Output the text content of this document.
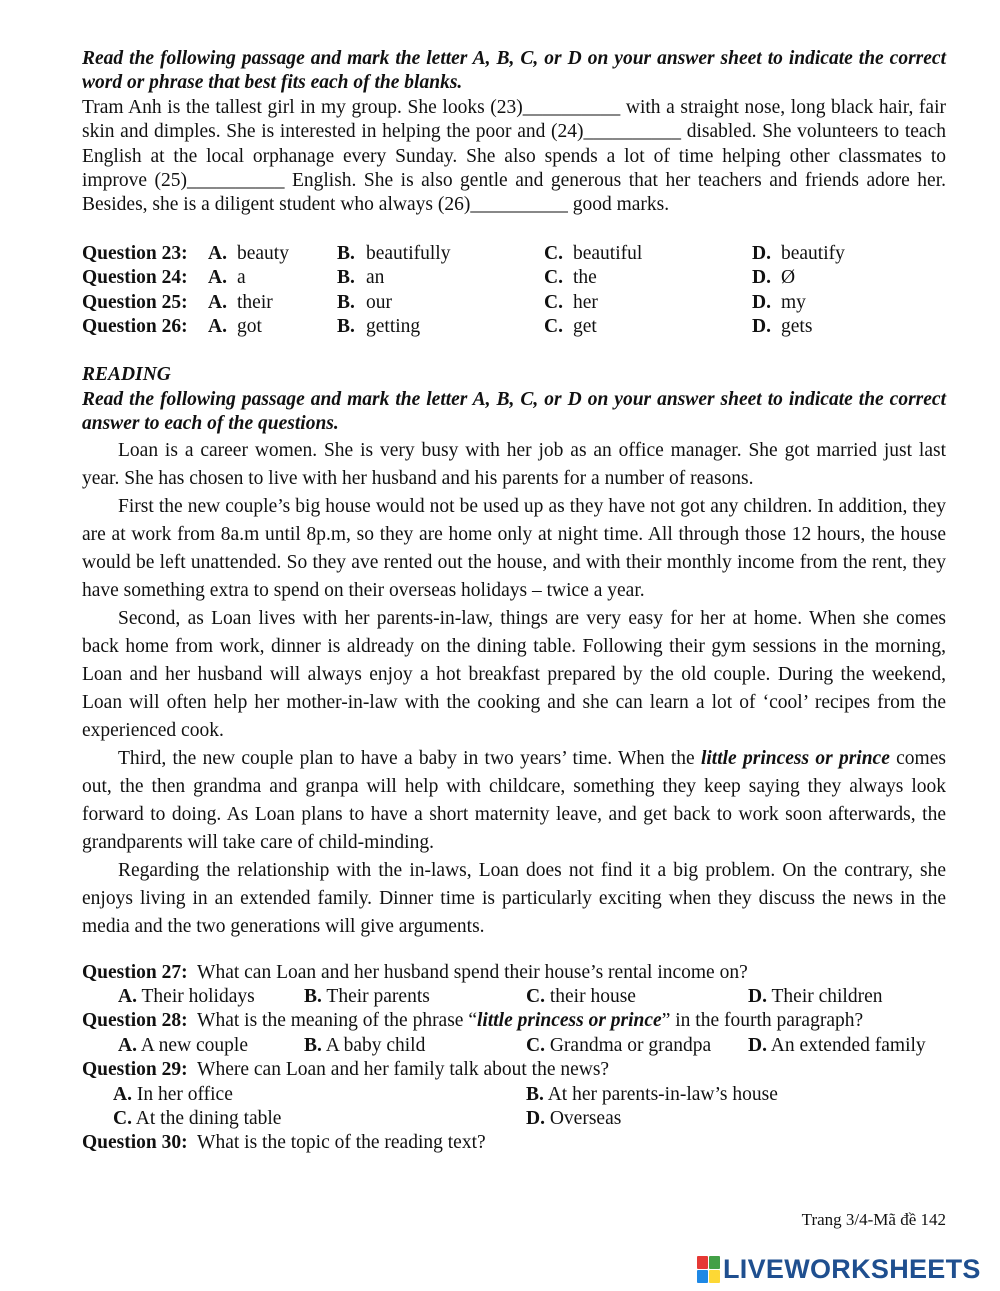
Read the following passage and mark the letter A, B, C, or D on your answer sheet to indicate the correct word or phrase that best fits each of the blanks.

Tram Anh is the tallest girl in my group. She looks (23)__________ with a straight nose, long black hair, fair skin and dimples. She is interested in helping the poor and (24)__________ disabled. She volunteers to teach English at the local orphanage every Sunday. She also spends a lot of time helping other classmates to improve (25)__________ English. She is also gentle and generous that her teachers and friends adore her. Besides, she is a diligent student who always (26)__________ good marks.

Question 23:	A. beauty	B. beautifully	C. beautiful	D. beautify
Question 24:	A. a	B. an	C. the	D. Ø
Question 25:	A. their	B. our	C. her	D. my
Question 26:	A. got	B. getting	C. get	D. gets

READING

Read the following passage and mark the letter A, B, C, or D on your answer sheet to indicate the correct answer to each of the questions.

Loan is a career women. She is very busy with her job as an office manager. She got married just last year. She has chosen to live with her husband and his parents for a number of reasons.

First the new couple’s big house would not be used up as they have not got any children. In addition, they are at work from 8a.m until 8p.m, so they are home only at night time. All through those 12 hours, the house would be left unattended. So they ave rented out the house, and with their monthly income from the rent, they have something extra to spend on their overseas holidays – twice a year.

Second, as Loan lives with her parents-in-law, things are very easy for her at home. When she comes back home from work, dinner is aldready on the dining table. Following their gym sessions in the morning, Loan and her husband will always enjoy a hot breakfast prepared by the old couple. During the weekend, Loan will often help her mother-in-law with the cooking and she can learn a lot of ‘cool’ recipes from the experienced cook.

Third, the new couple plan to have a baby in two years’ time. When the little princess or prince comes out, the then grandma and granpa will help with childcare, something they keep saying they always look forward to doing. As Loan plans to have a short maternity leave, and get back to work soon afterwards, the grandparents will take care of child-minding.

Regarding the relationship with the in-laws, Loan does not find it a big problem. On the contrary, she enjoys living in an extended family. Dinner time is particularly exciting when they discuss the news in the media and the two generations will give arguments.

Question 27: What can Loan and her husband spend their house’s rental income on?

A. Their holidays	B. Their parents	C. their house	D. Their children

Question 28: What is the meaning of the phrase “little princess or prince” in the fourth paragraph?

A. A new couple	B. A baby child	C. Grandma or grandpa	D. An extended family

Question 29: Where can Loan and her family talk about the news?

A. In her office	B. At her parents-in-law’s house
C. At the dining table	D. Overseas

Question 30: What is the topic of the reading text?

Trang 3/4-Mã đề 142
LIVEWORKSHEETS
